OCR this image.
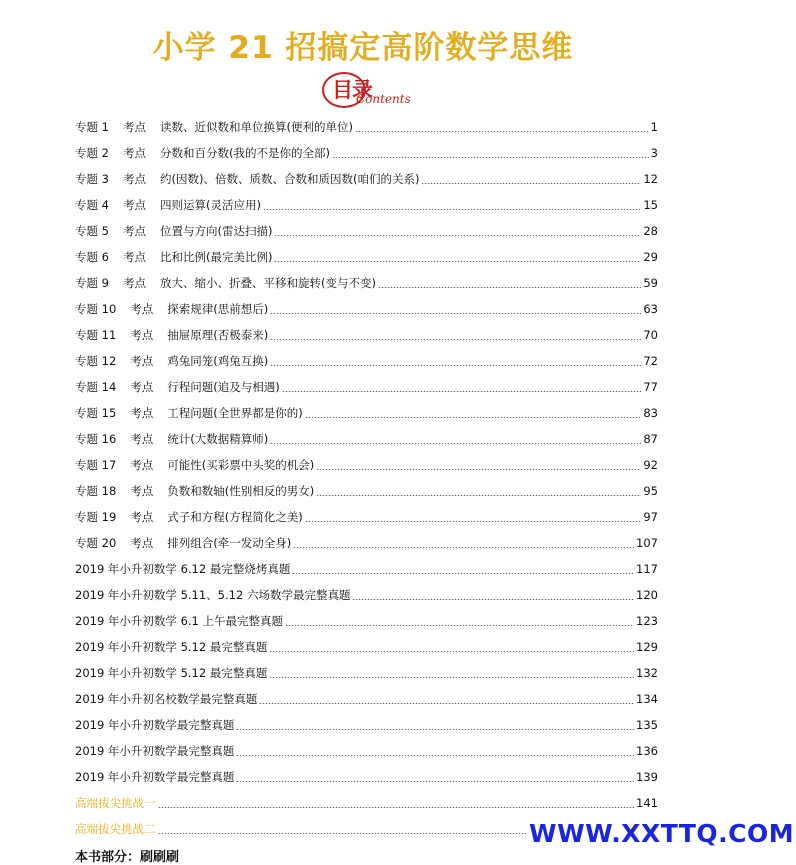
小学 21 招搞定高阶数学思维
目录
Contents
专题 1 考点 读数、近似数和单位换算(便利的单位)	1
专题 2 考点 分数和百分数(我的不是你的全部)	3
专题 3 考点 约(因数)、倍数、质数、合数和质因数(咱们的关系)	12
专题 4 考点 四则运算(灵活应用)	15
专题 5 考点 位置与方向(雷达扫描)	28
专题 6 考点 比和比例(最完美比例)	29
专题 9 考点 放大、缩小、折叠、平移和旋转(变与不变)	59
专题 10 考点 探索规律(思前想后)	63
专题 11 考点 抽屉原理(否极泰来)	70
专题 12 考点 鸡兔同笼(鸡兔互换)	72
专题 14 考点 行程问题(追及与相遇)	77
专题 15 考点 工程问题(全世界都是你的)	83
专题 16 考点 统计(大数据精算师)	87
专题 17 考点 可能性(买彩票中头奖的机会)	92
专题 18 考点 负数和数轴(性别相反的男女)	95
专题 19 考点 式子和方程(方程简化之美)	97
专题 20 考点 排列组合(牵一发动全身)	107
2019 年小升初数学 6.12 最完整烧烤真题	117
2019 年小升初数学 5.11、5.12 六场数学最完整真题	120
2019 年小升初数学 6.1 上午最完整真题	123
2019 年小升初数学 5.12 最完整真题	129
2019 年小升初数学 5.12 最完整真题	132
2019 年小升初名校数学最完整真题	134
2019 年小升初数学最完整真题	135
2019 年小升初数学最完整真题	136
2019 年小升初数学最完整真题	139
高端拔尖挑战一	141
高端拔尖挑战二
本书部分：刷刷刷
WWW.XXTTQ.COM
